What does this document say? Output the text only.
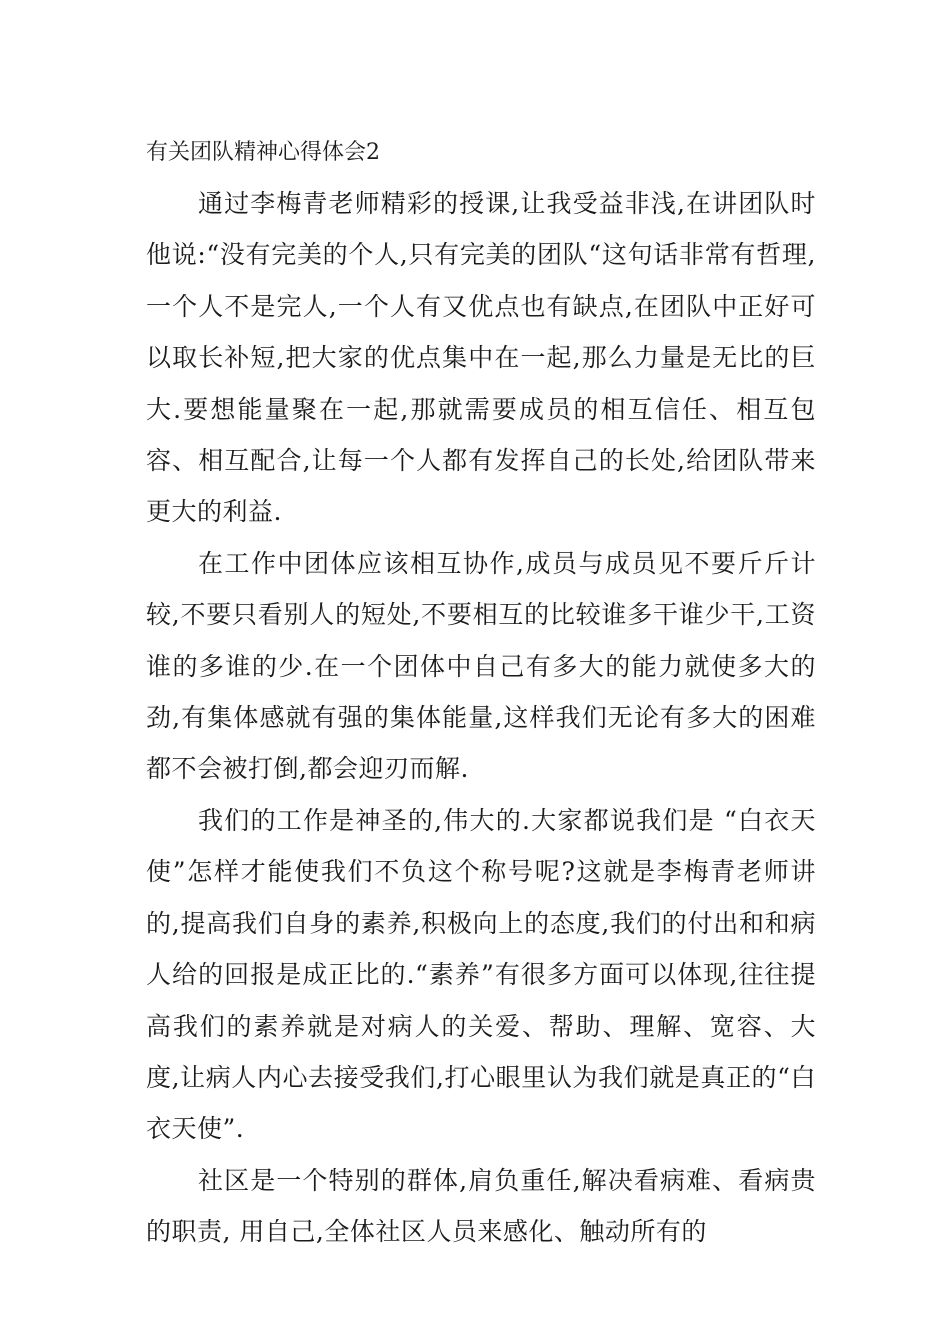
有关团队精神心得体会2

通过李梅青老师精彩的授课,让我受益非浅,在讲团队时他说:“没有完美的个人,只有完美的团队“这句话非常有哲理,一个人不是完人,一个人有又优点也有缺点,在团队中正好可以取长补短,把大家的优点集中在一起,那么力量是无比的巨大.要想能量聚在一起,那就需要成员的相互信任、相互包容、相互配合,让每一个人都有发挥自己的长处,给团队带来更大的利益.

在工作中团体应该相互协作,成员与成员见不要斤斤计较,不要只看别人的短处,不要相互的比较谁多干谁少干,工资谁的多谁的少.在一个团体中自己有多大的能力就使多大的劲,有集体感就有强的集体能量,这样我们无论有多大的困难都不会被打倒,都会迎刃而解.

我们的工作是神圣的,伟大的.大家都说我们是 “白衣天使”怎样才能使我们不负这个称号呢?这就是李梅青老师讲的,提高我们自身的素养,积极向上的态度,我们的付出和和病人给的回报是成正比的.“素养”有很多方面可以体现,往往提高我们的素养就是对病人的关爱、帮助、理解、宽容、大度,让病人内心去接受我们,打心眼里认为我们就是真正的“白衣天使”.

社区是一个特别的群体,肩负重任,解决看病难、看病贵的职责, 用自己,全体社区人员来感化、触动所有的
